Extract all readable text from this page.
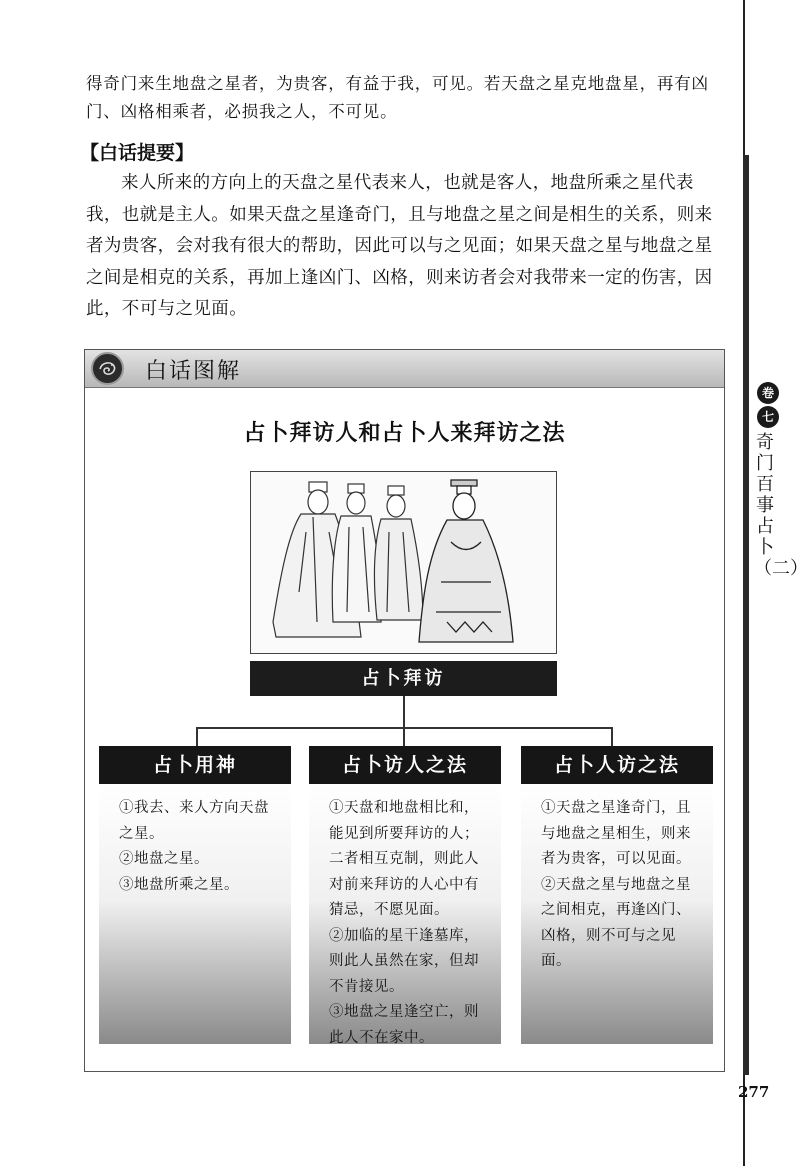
得奇门来生地盘之星者，为贵客，有益于我，可见。若天盘之星克地盘星，再有凶门、凶格相乘者，必损我之人，不可见。
【白话提要】

来人所来的方向上的天盘之星代表来人，也就是客人，地盘所乘之星代表我，也就是主人。如果天盘之星逢奇门，且与地盘之星之间是相生的关系，则来者为贵客，会对我有很大的帮助，因此可以与之见面；如果天盘之星与地盘之星之间是相克的关系，再加上逢凶门、凶格，则来访者会对我带来一定的伤害，因此，不可与之见面。

白话图解
占卜拜访人和占卜人来拜访之法
占卜拜访
占卜用神
①我去、来人方向天盘之星。
②地盘之星。
③地盘所乘之星。
占卜访人之法
①天盘和地盘相比和，能见到所要拜访的人；二者相互克制，则此人对前来拜访的人心中有猜忌，不愿见面。
②加临的星干逢墓库，则此人虽然在家，但却不肯接见。
③地盘之星逢空亡，则此人不在家中。
占卜人访之法
①天盘之星逢奇门，且与地盘之星相生，则来者为贵客，可以见面。
②天盘之星与地盘之星之间相克，再逢凶门、凶格，则不可与之见面。
卷
七
奇门百事占卜（二）
277
